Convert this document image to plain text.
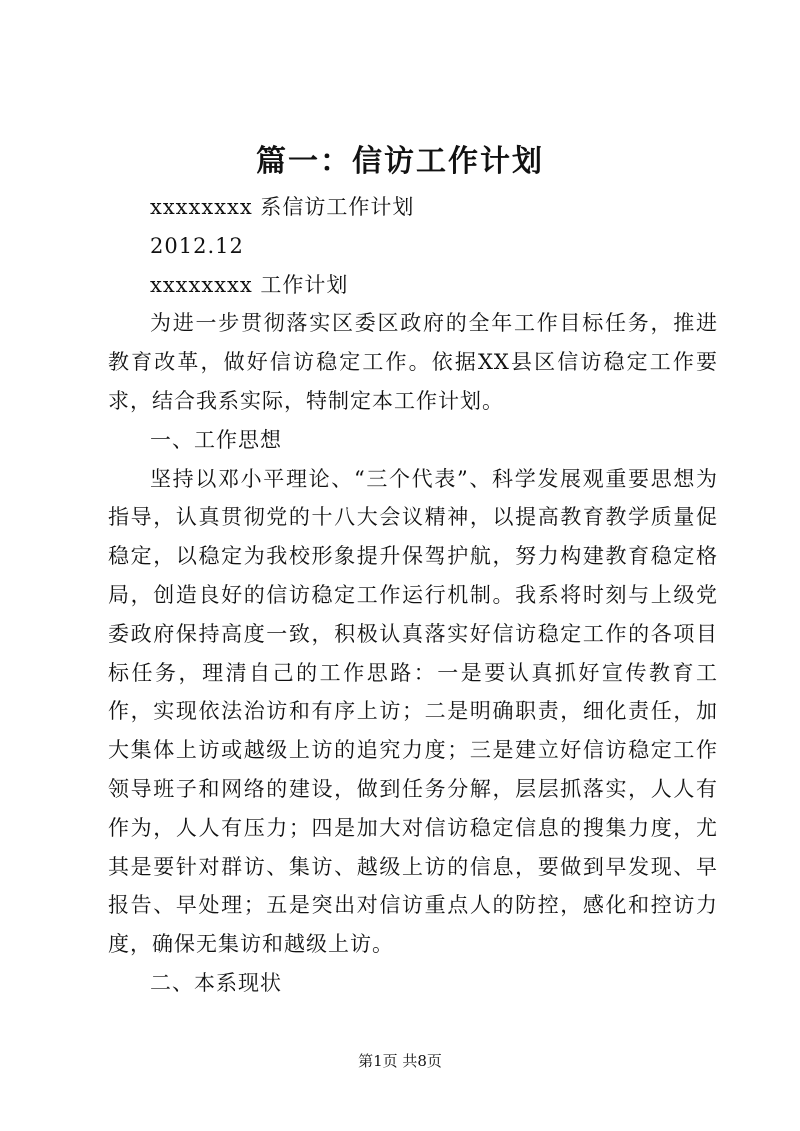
篇一：信访工作计划

xxxxxxxx 系信访工作计划

2012.12

xxxxxxxx 工作计划

为进一步贯彻落实区委区政府的全年工作目标任务，推进教育改革，做好信访稳定工作。依据XX县区信访稳定工作要求，结合我系实际，特制定本工作计划。

一、工作思想

坚持以邓小平理论、“三个代表”、科学发展观重要思想为指导，认真贯彻党的十八大会议精神，以提高教育教学质量促稳定，以稳定为我校形象提升保驾护航，努力构建教育稳定格局，创造良好的信访稳定工作运行机制。我系将时刻与上级党委政府保持高度一致，积极认真落实好信访稳定工作的各项目标任务，理清自己的工作思路：一是要认真抓好宣传教育工作，实现依法治访和有序上访；二是明确职责，细化责任，加大集体上访或越级上访的追究力度；三是建立好信访稳定工作领导班子和网络的建设，做到任务分解，层层抓落实，人人有作为，人人有压力；四是加大对信访稳定信息的搜集力度，尤其是要针对群访、集访、越级上访的信息，要做到早发现、早报告、早处理；五是突出对信访重点人的防控，感化和控访力度，确保无集访和越级上访。

二、本系现状

第1页 共8页
